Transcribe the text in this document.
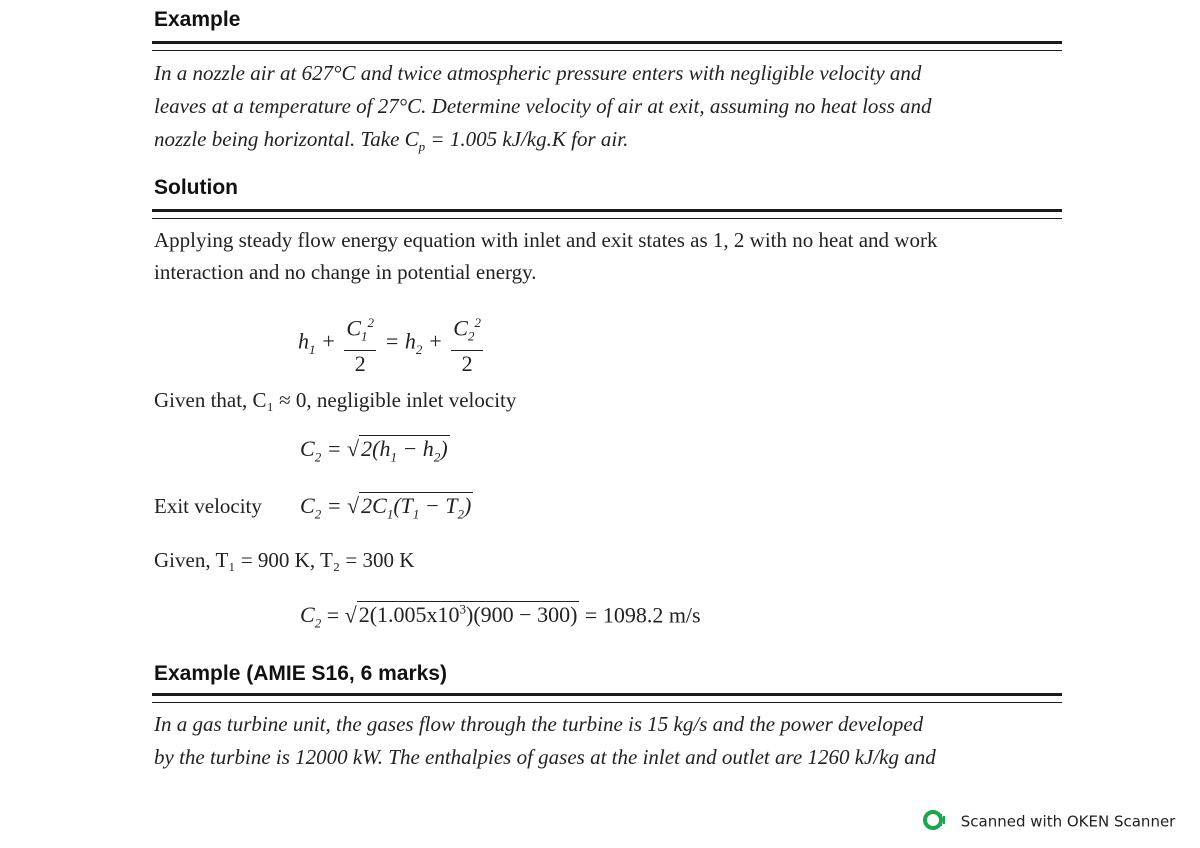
Example
In a nozzle air at 627°C and twice atmospheric pressure enters with negligible velocity and
leaves at a temperature of 27°C. Determine velocity of air at exit, assuming no heat loss and
nozzle being horizontal. Take $C_p = 1.005$ kJ/kg.K for air.
Solution
Applying steady flow energy equation with inlet and exit states as 1, 2 with no heat and work
interaction and no change in potential energy.
$h_1 + \frac{C_1^2}{2} = h_2 + \frac{C_2^2}{2}$
Given that, C₁ ≈ 0, negligible inlet velocity
$C_2 = √2(h_1 - h_2)$
Exit velocity $C_2 = √2C_1(T_1 - T_2)$
Given, T₁ = 900 K, T₂ = 300 K
$C_2 = √2(1.005x10^3)(900 - 300) = 1098.2$ m/s
Example (AMIE S16, 6 marks)
In a gas turbine unit, the gases flow through the turbine is 15 kg/s and the power developed
by the turbine is 12000 kW. The enthalpies of gases at the inlet and outlet are 1260 kJ/kg and
Scanned with OKEN Scanner
